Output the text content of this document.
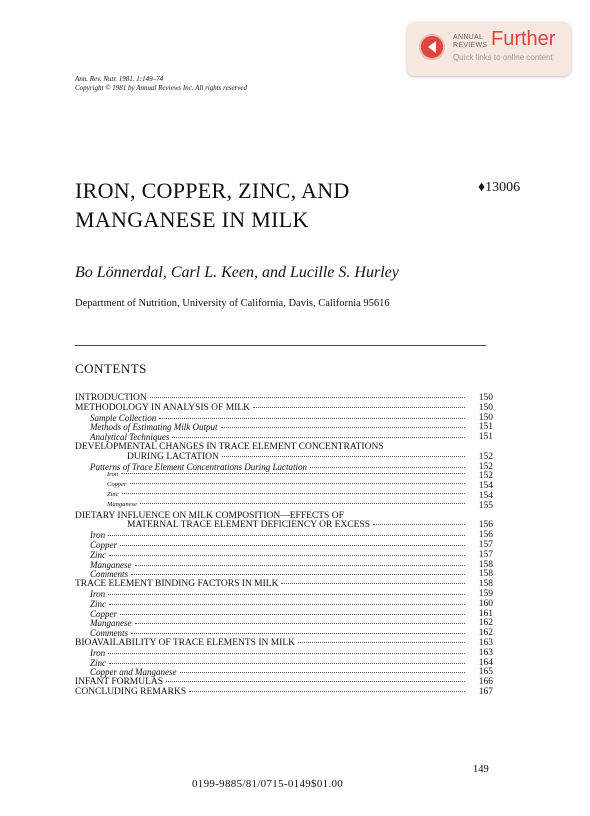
ANNUAL
REVIEWS Further
Quick links to online content
Ann. Rev. Nutr. 1981. 1:149–74
Copyright © 1981 by Annual Reviews Inc. All rights reserved
IRON, COPPER, ZINC, AND
MANGANESE IN MILK
♦13006
Bo Lönnerdal, Carl L. Keen, and Lucille S. Hurley
Department of Nutrition, University of California, Davis, California 95616
CONTENTS
INTRODUCTION	150
METHODOLOGY IN ANALYSIS OF MILK	150
Sample Collection	150
Methods of Estimating Milk Output	151
Analytical Techniques	151
DEVELOPMENTAL CHANGES IN TRACE ELEMENT CONCENTRATIONS
DURING LACTATION	152
Patterns of Trace Element Concentrations During Lactation	152
Iron	152
Copper	154
Zinc	154
Manganese	155
DIETARY INFLUENCE ON MILK COMPOSITION—EFFECTS OF
MATERNAL TRACE ELEMENT DEFICIENCY OR EXCESS	156
Iron	156
Copper	157
Zinc	157
Manganese	158
Comments	158
TRACE ELEMENT BINDING FACTORS IN MILK	158
Iron	159
Zinc	160
Copper	161
Manganese	162
Comments	162
BIOAVAILABILITY OF TRACE ELEMENTS IN MILK	163
Iron	163
Zinc	164
Copper and Manganese	165
INFANT FORMULAS	166
CONCLUDING REMARKS	167
149
0199-9885/81/0715-0149$01.00
